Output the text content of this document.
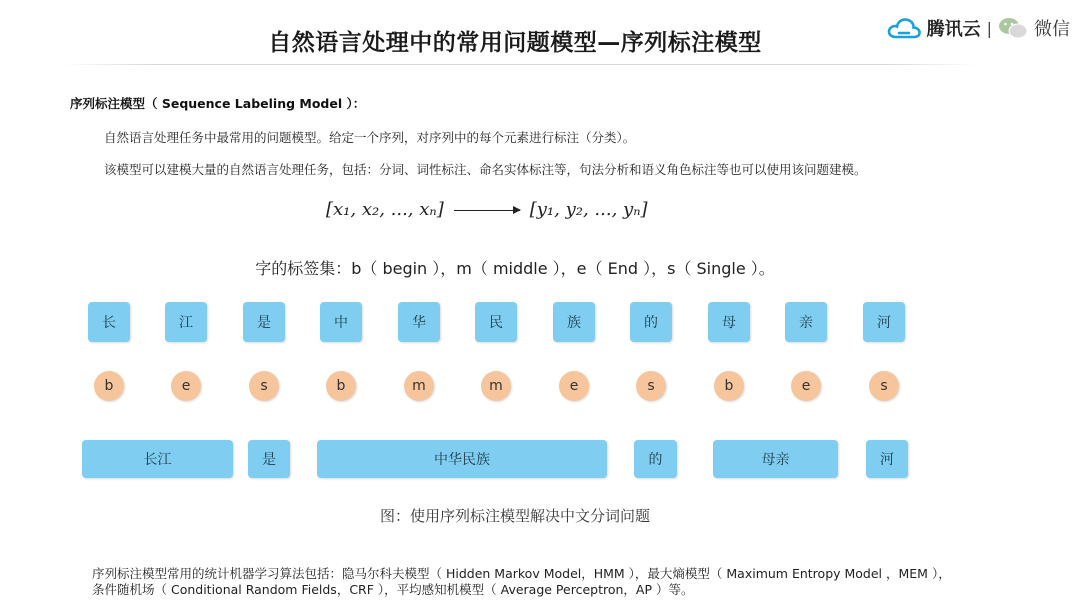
自然语言处理中的常用问题模型—序列标注模型
腾讯云 | 微信
序列标注模型（ Sequence Labeling Model ）：
自然语言处理任务中最常用的问题模型。给定一个序列，对序列中的每个元素进行标注（分类）。
该模型可以建模大量的自然语言处理任务，包括：分词、词性标注、命名实体标注等，句法分析和语义角色标注等也可以使用该问题建模。
[x₁, x₂, ..., xₙ]	[y₁, y₂, ..., yₙ]
字的标签集：b（ begin ），m（ middle ），e（ End ），s（ Single ）。
长	江	是	中	华	民	族	的	母	亲	河
b	e	s	b	m	m	e	s	b	e	s
长江	是	中华民族	的	母亲	河
图：使用序列标注模型解决中文分词问题
序列标注模型常用的统计机器学习算法包括：隐马尔科夫模型（ Hidden Markov Model，HMM ），最大熵模型（ Maximum Entropy Model ，MEM ），条件随机场（ Conditional Random Fields，CRF ），平均感知机模型（ Average Perceptron，AP ）等。
